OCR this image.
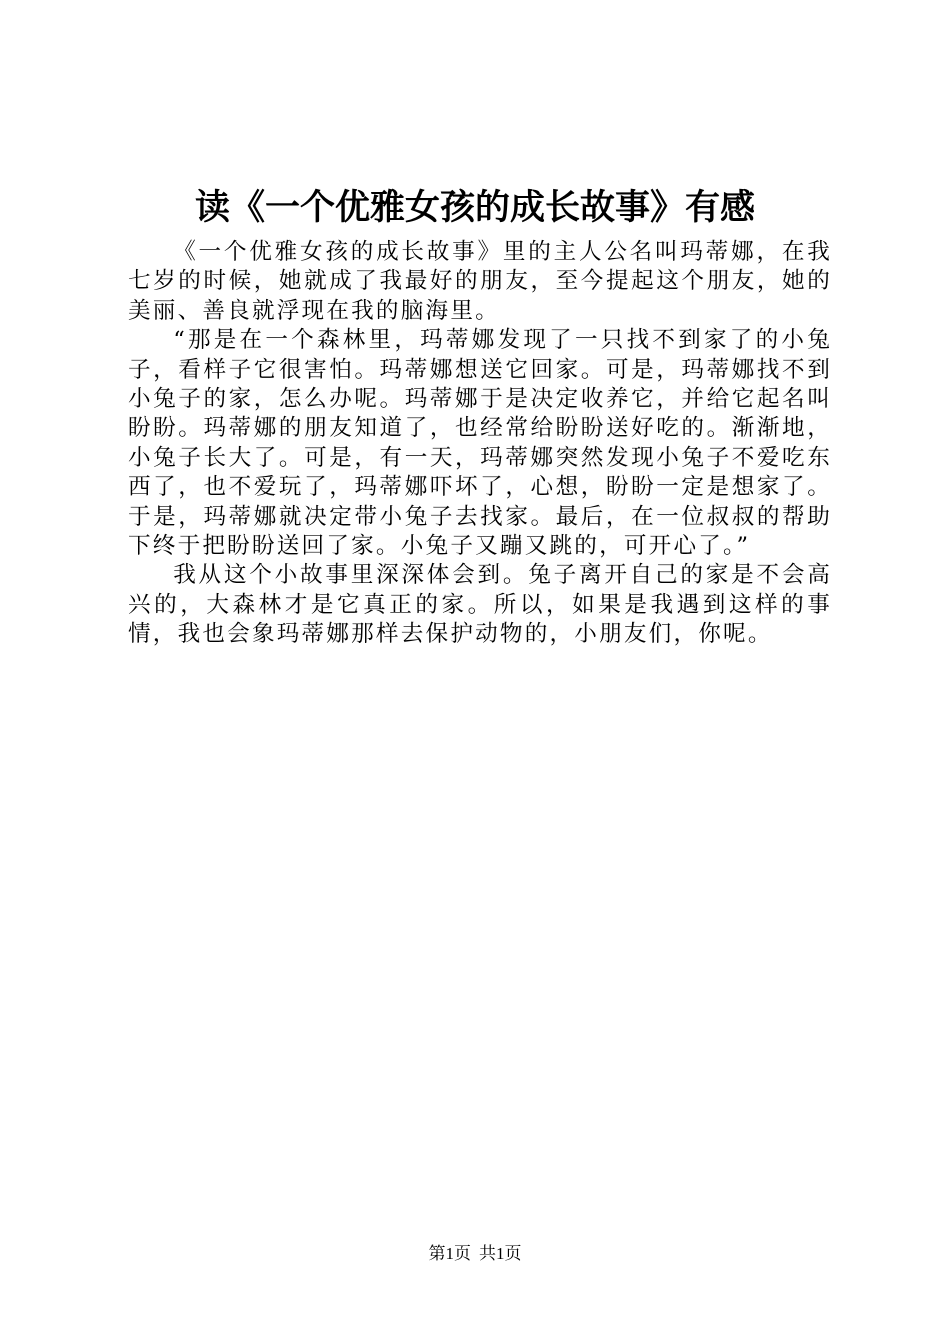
读《一个优雅女孩的成长故事》有感

《一个优雅女孩的成长故事》里的主人公名叫玛蒂娜，在我七岁的时候，她就成了我最好的朋友，至今提起这个朋友，她的美丽、善良就浮现在我的脑海里。

“那是在一个森林里，玛蒂娜发现了一只找不到家了的小兔子，看样子它很害怕。玛蒂娜想送它回家。可是，玛蒂娜找不到小兔子的家，怎么办呢。玛蒂娜于是决定收养它，并给它起名叫盼盼。玛蒂娜的朋友知道了，也经常给盼盼送好吃的。渐渐地，小兔子长大了。可是，有一天，玛蒂娜突然发现小兔子不爱吃东西了，也不爱玩了，玛蒂娜吓坏了，心想，盼盼一定是想家了。于是，玛蒂娜就决定带小兔子去找家。最后，在一位叔叔的帮助下终于把盼盼送回了家。小兔子又蹦又跳的，可开心了。”

我从这个小故事里深深体会到。兔子离开自己的家是不会高兴的，大森林才是它真正的家。所以，如果是我遇到这样的事情，我也会象玛蒂娜那样去保护动物的，小朋友们，你呢。

第1页 共1页
